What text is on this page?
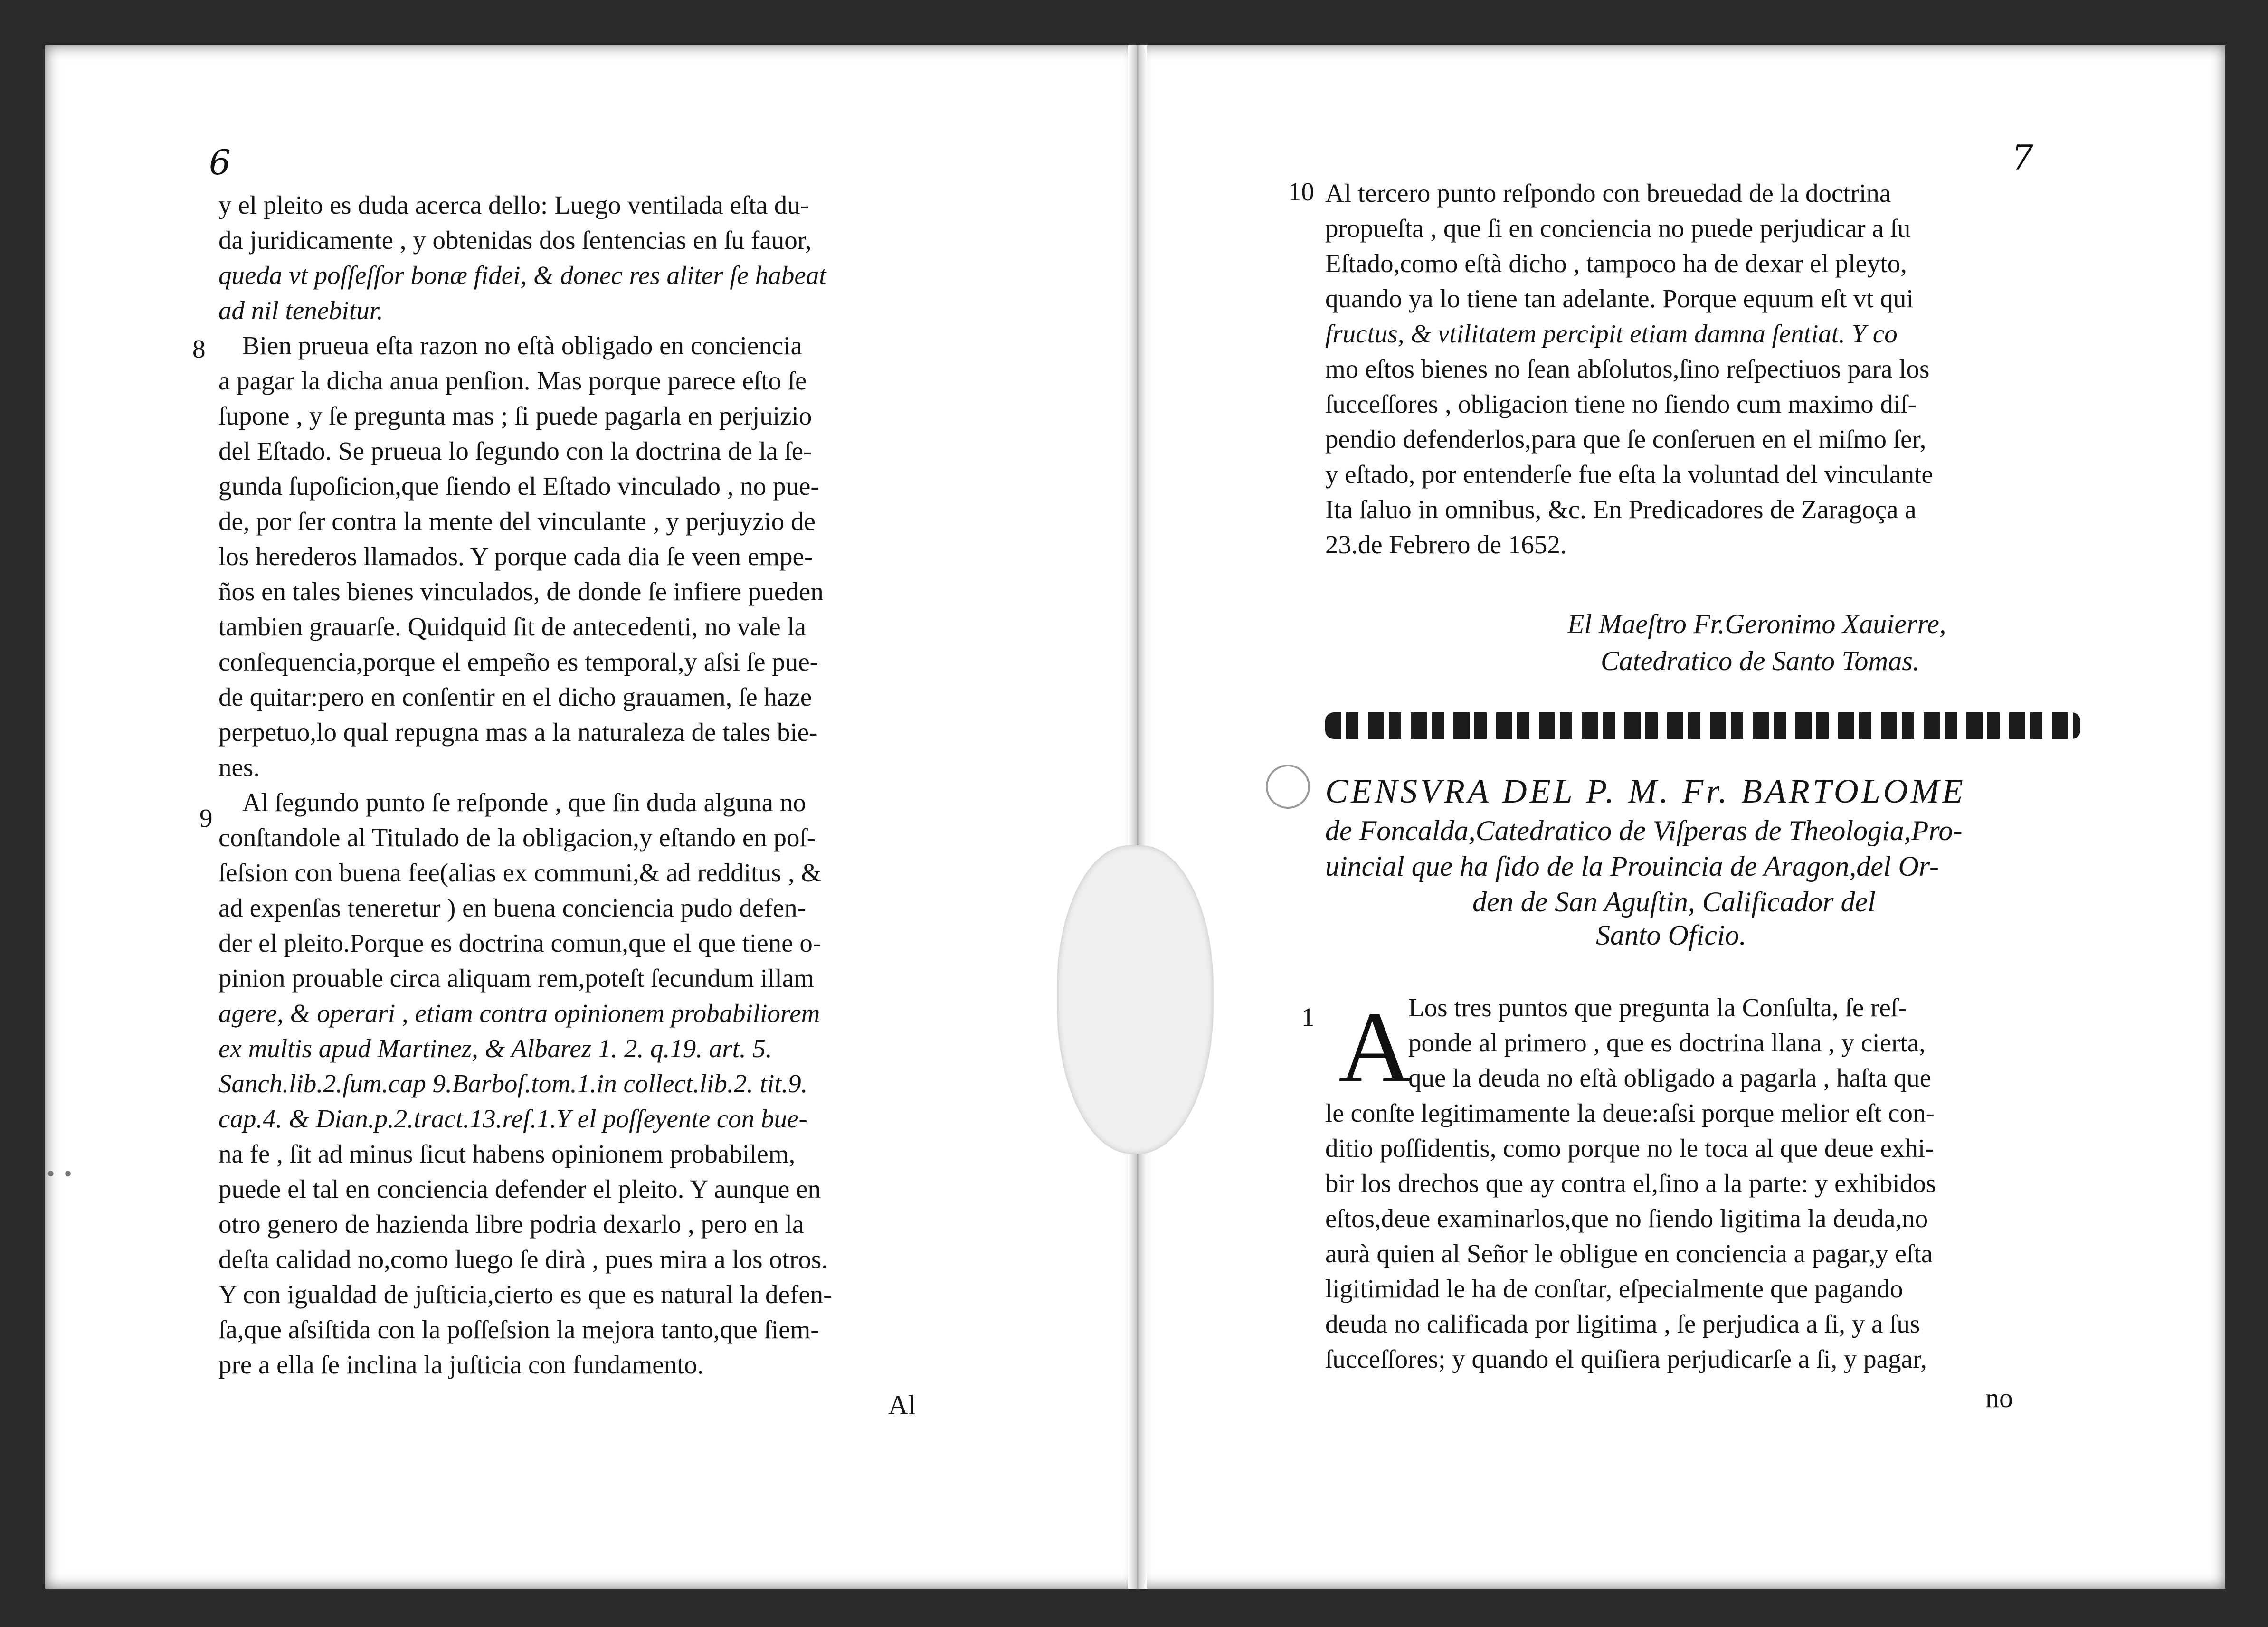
• •
6
y el pleito es duda acerca dello: Luego ventilada eſta du-
da juridicamente , y obtenidas dos ſentencias en ſu fauor,
queda vt poſſeſſor bonæ fidei, & donec res aliter ſe habeat
ad nil tenebitur.
Bien prueua eſta razon no eſtà obligado en conciencia
a pagar la dicha anua penſion. Mas porque parece eſto ſe
ſupone , y ſe pregunta mas ; ſi puede pagarla en perjuizio
del Eſtado. Se prueua lo ſegundo con la doctrina de la ſe-
gunda ſupoſicion,que ſiendo el Eſtado vinculado , no pue-
de, por ſer contra la mente del vinculante , y perjuyzio de
los herederos llamados. Y porque cada dia ſe veen empe-
ños en tales bienes vinculados, de donde ſe infiere pueden
tambien grauarſe. Quidquid ſit de antecedenti, no vale la
conſequencia,porque el empeño es temporal,y aſsi ſe pue-
de quitar:pero en conſentir en el dicho grauamen, ſe haze
perpetuo,lo qual repugna mas a la naturaleza de tales bie-
nes.
Al ſegundo punto ſe reſponde , que ſin duda alguna no
conſtandole al Titulado de la obligacion,y eſtando en poſ-
ſeſsion con buena fee(alias ex communi,& ad redditus , &
ad expenſas teneretur ) en buena conciencia pudo defen-
der el pleito.Porque es doctrina comun,que el que tiene o-
pinion prouable circa aliquam rem,poteſt ſecundum illam
agere, & operari , etiam contra opinionem probabiliorem
ex multis apud Martinez, & Albarez 1. 2. q.19. art. 5.
Sanch.lib.2.ſum.cap 9.Barboſ.tom.1.in collect.lib.2. tit.9.
cap.4. & Dian.p.2.tract.13.reſ.1.Y el poſſeyente con bue-
na fe , ſit ad minus ſicut habens opinionem probabilem,
puede el tal en conciencia defender el pleito. Y aunque en
otro genero de hazienda libre podria dexarlo , pero en la
deſta calidad no,como luego ſe dirà , pues mira a los otros.
Y con igualdad de juſticia,cierto es que es natural la defen-
ſa,que aſsiſtida con la poſſeſsion la mejora tanto,que ſiem-
pre a ella ſe inclina la juſticia con fundamento.
8
9
Al
7
10 Al tercero punto reſpondo con breuedad de la doctrina
propueſta , que ſi en conciencia no puede perjudicar a ſu
Eſtado,como eſtà dicho , tampoco ha de dexar el pleyto,
quando ya lo tiene tan adelante. Porque equum eſt vt qui
fructus, & vtilitatem percipit etiam damna ſentiat. Y co
mo eſtos bienes no ſean abſolutos,ſino reſpectiuos para los
ſucceſſores , obligacion tiene no ſiendo cum maximo diſ-
pendio defenderlos,para que ſe conſeruen en el miſmo ſer,
y eſtado, por entenderſe fue eſta la voluntad del vinculante
Ita ſaluo in omnibus, &c. En Predicadores de Zaragoça a
23.de Febrero de 1652.
El Maeſtro Fr.Geronimo Xauierre,
Catedratico de Santo Tomas.
CENSVRA DEL P. M. Fr. BARTOLOME
de Foncalda,Catedratico de Viſperas de Theologia,Pro-
uincial que ha ſido de la Prouincia de Aragon,del Or-
den de San Aguſtin, Calificador del
Santo Oficio.
1 A
Los tres puntos que pregunta la Conſulta, ſe reſ-
ponde al primero , que es doctrina llana , y cierta,
que la deuda no eſtà obligado a pagarla , haſta que
le conſte legitimamente la deue:aſsi porque melior eſt con-
ditio poſſidentis, como porque no le toca al que deue exhi-
bir los drechos que ay contra el,ſino a la parte: y exhibidos
eſtos,deue examinarlos,que no ſiendo ligitima la deuda,no
aurà quien al Señor le obligue en conciencia a pagar,y eſta
ligitimidad le ha de conſtar, eſpecialmente que pagando
deuda no calificada por ligitima , ſe perjudica a ſi, y a ſus
ſucceſſores; y quando el quiſiera perjudicarſe a ſi, y pagar,
no
